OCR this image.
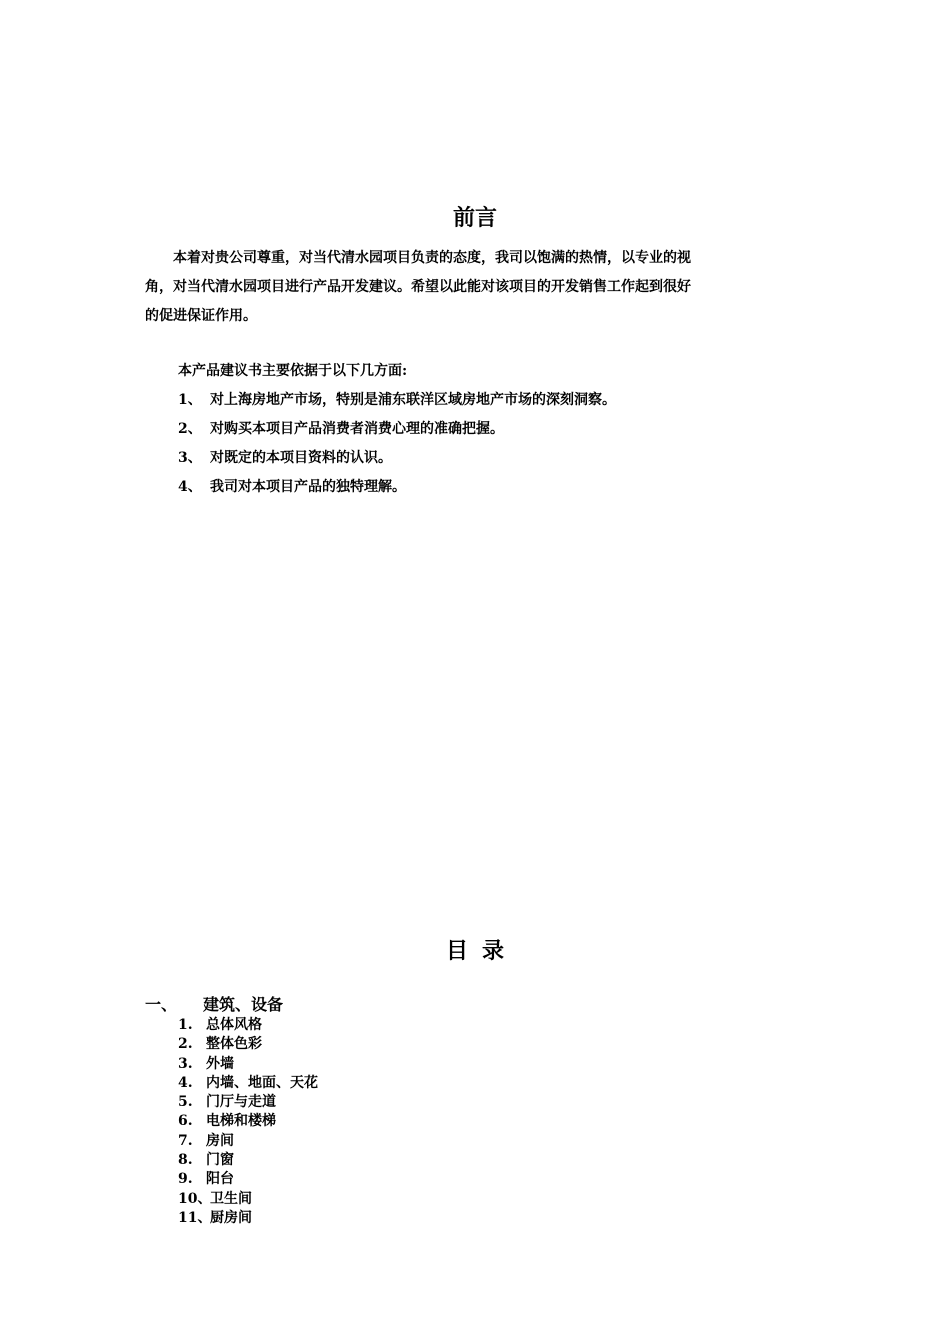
前言
本着对贵公司尊重，对当代清水园项目负责的态度，我司以饱满的热情，以专业的视
角，对当代清水园项目进行产品开发建议。希望以此能对该项目的开发销售工作起到很好
的促进保证作用。
本产品建议书主要依据于以下几方面:
1、 对上海房地产市场，特别是浦东联洋区域房地产市场的深刻洞察。
2、 对购买本项目产品消费者消费心理的准确把握。
3、 对既定的本项目资料的认识。
4、 我司对本项目产品的独特理解。
目录
一、 建筑、设备
1. 总体风格
2. 整体色彩
3. 外墙
4. 内墙、地面、天花
5. 门厅与走道
6. 电梯和楼梯
7. 房间
8. 门窗
9. 阳台
10、卫生间
11、厨房间
